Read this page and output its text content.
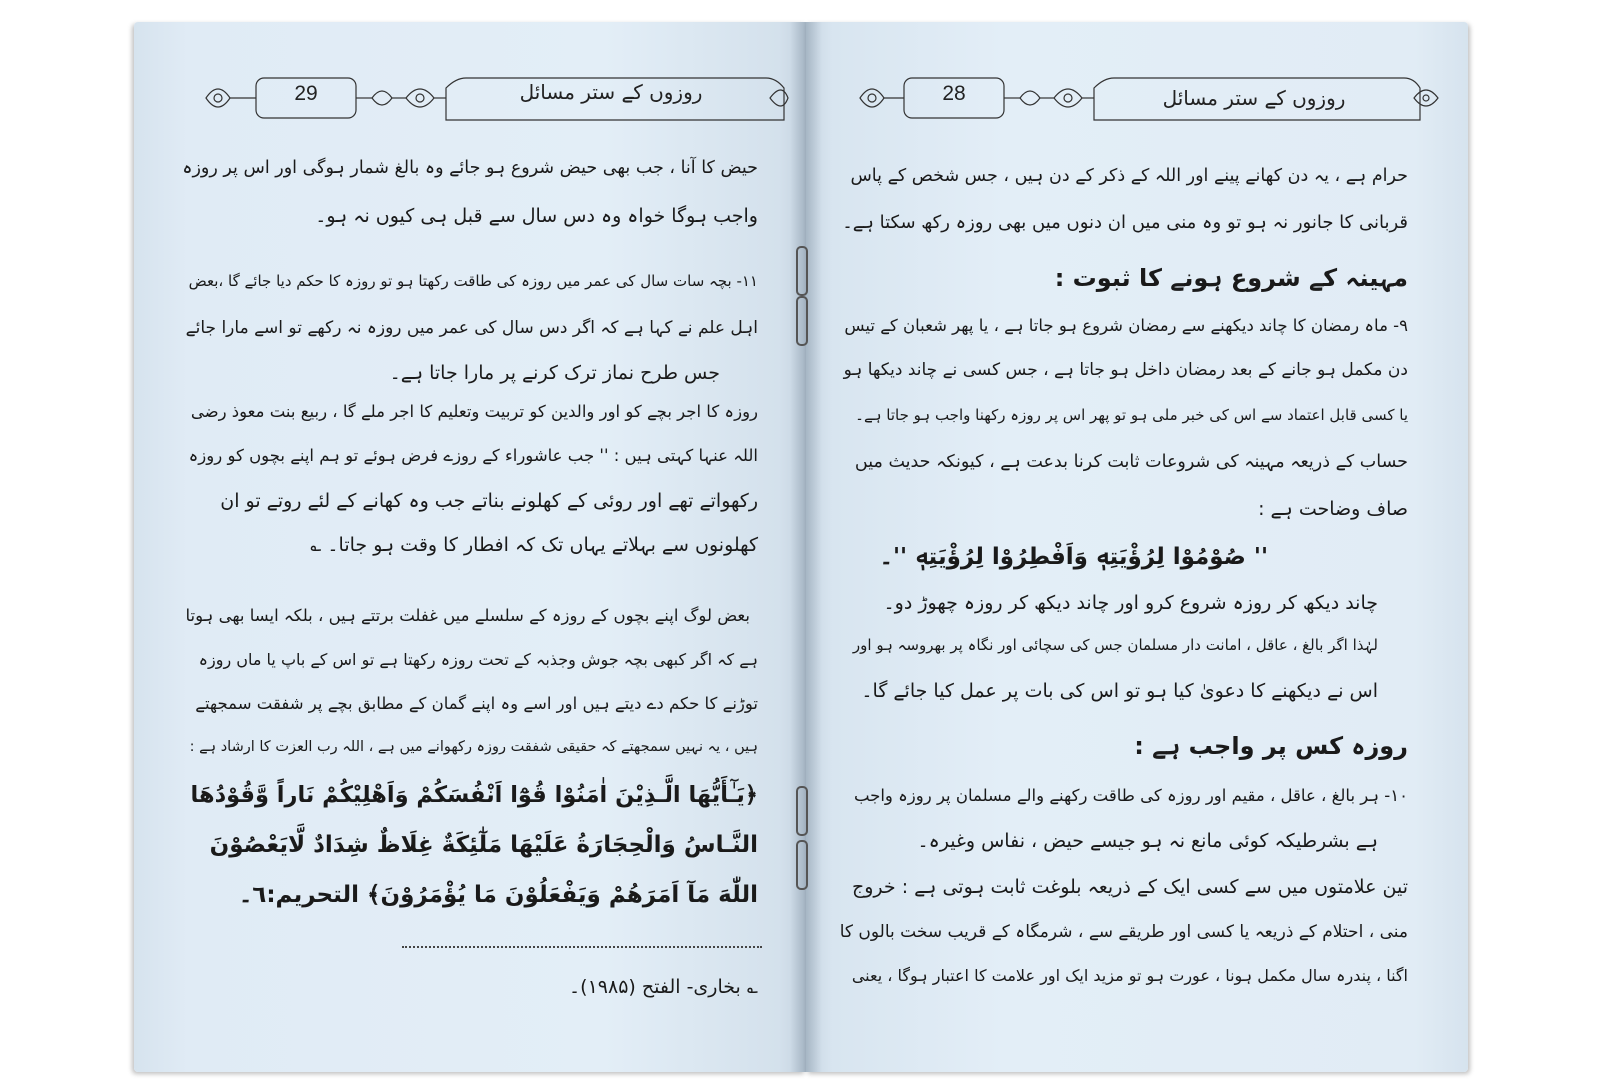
29	روزوں کے ستر مسائل
حیض کا آنا ، جب بھی حیض شروع ہو جائے وہ بالغ شمار ہوگی اور اس پر روزہ
واجب ہوگا خواہ وہ دس سال سے قبل ہی کیوں نہ ہو۔
۱۱- بچہ سات سال کی عمر میں روزہ کی طاقت رکھتا ہو تو روزہ کا حکم دیا جائے گا ،بعض
اہل علم نے کہا ہے کہ اگر دس سال کی عمر میں روزہ نہ رکھے تو اسے مارا جائے
جس طرح نماز ترک کرنے پر مارا جاتا ہے۔
روزہ کا اجر بچے کو اور والدین کو تربیت وتعلیم کا اجر ملے گا ، ربیع بنت معوذ رضی
اللہ عنہا کہتی ہیں : '' جب عاشوراء کے روزے فرض ہوئے تو ہم اپنے بچوں کو روزہ
رکھواتے تھے اور روئی کے کھلونے بناتے جب وہ کھانے کے لئے روتے تو ان
کھلونوں سے بہلاتے یہاں تک کہ افطار کا وقت ہو جاتا۔ ؎
بعض لوگ اپنے بچوں کے روزہ کے سلسلے میں غفلت برتتے ہیں ، بلکہ ایسا بھی ہوتا
ہے کہ اگر کبھی بچہ جوش وجذبہ کے تحت روزہ رکھتا ہے تو اس کے باپ یا ماں روزہ
توڑنے کا حکم دے دیتے ہیں اور اسے وہ اپنے گمان کے مطابق بچے پر شفقت سمجھتے
ہیں ، یہ نہیں سمجھتے کہ حقیقی شفقت روزہ رکھوانے میں ہے ، اللہ رب العزت کا ارشاد ہے :
﴿يَـٰٓأَيُّهَا الَّـذِيْنَ اٰمَنُوْا قُوْٓا اَنْفُسَكُمْ وَاَهْلِيْكُمْ نَاراً وَّقُوْدُهَا
النَّـاسُ وَالْحِجَارَةُ عَلَيْهَا مَلٰٓئِكَةٌ غِلَاظٌ شِدَادٌ لَّايَعْصُوْنَ
اللّٰهَ مَآ اَمَرَهُمْ وَيَفْعَلُوْنَ مَا يُؤْمَرُوْنَ﴾ التحریم:٦۔
؎ بخاری- الفتح (۱۹۸۵)۔
28	روزوں کے ستر مسائل
حرام ہے ، یہ دن کھانے پینے اور اللہ کے ذکر کے دن ہیں ، جس شخص کے پاس
قربانی کا جانور نہ ہو تو وہ منی میں ان دنوں میں بھی روزہ رکھ سکتا ہے۔
مہینہ کے شروع ہونے کا ثبوت :
۹- ماہ رمضان کا چاند دیکھنے سے رمضان شروع ہو جاتا ہے ، یا پھر شعبان کے تیس
دن مکمل ہو جانے کے بعد رمضان داخل ہو جاتا ہے ، جس کسی نے چاند دیکھا ہو
یا کسی قابل اعتماد سے اس کی خبر ملی ہو تو پھر اس پر روزہ رکھنا واجب ہو جاتا ہے۔
حساب کے ذریعہ مہینہ کی شروعات ثابت کرنا بدعت ہے ، کیونکہ حدیث میں
صاف وضاحت ہے :
'' صُوْمُوْا لِرُؤْيَتِهٖ وَاَفْطِرُوْا لِرُؤْيَتِهٖ ''۔
چاند دیکھ کر روزہ شروع کرو اور چاند دیکھ کر روزہ چھوڑ دو۔
لہٰذا اگر بالغ ، عاقل ، امانت دار مسلمان جس کی سچائی اور نگاہ پر بھروسہ ہو اور
اس نے دیکھنے کا دعویٰ کیا ہو تو اس کی بات پر عمل کیا جائے گا۔
روزہ کس پر واجب ہے :
۱۰- ہر بالغ ، عاقل ، مقیم اور روزہ کی طاقت رکھنے والے مسلمان پر روزہ واجب
ہے بشرطیکہ کوئی مانع نہ ہو جیسے حیض ، نفاس وغیرہ۔
تین علامتوں میں سے کسی ایک کے ذریعہ بلوغت ثابت ہوتی ہے : خروج
منی ، احتلام کے ذریعہ یا کسی اور طریقے سے ، شرمگاہ کے قریب سخت بالوں کا
اگنا ، پندرہ سال مکمل ہونا ، عورت ہو تو مزید ایک اور علامت کا اعتبار ہوگا ، یعنی
